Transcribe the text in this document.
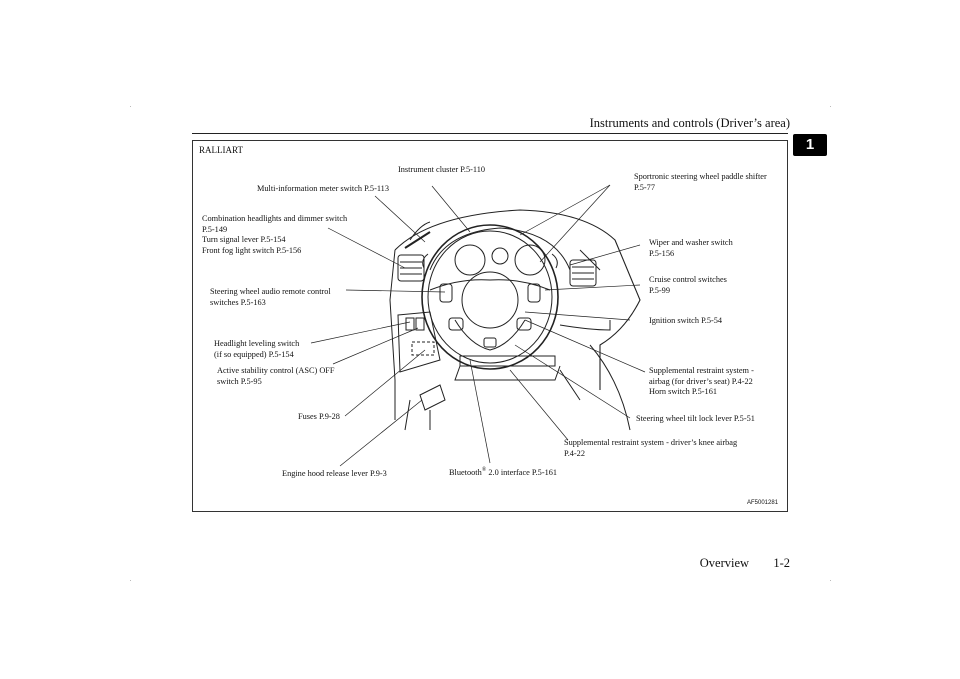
Instruments and controls (Driver’s area)
1
RALLIART
Instrument cluster P.5-110
Multi-information meter switch P.5-113
Sportronic steering wheel paddle shifter
P.5-77
Combination headlights and dimmer switch
P.5-149
Turn signal lever P.5-154
Front fog light switch P.5-156
Wiper and washer switch
P.5-156
Cruise control switches
P.5-99
Steering wheel audio remote control
switches P.5-163
Ignition switch P.5-54
Headlight leveling switch
(if so equipped) P.5-154
Active stability control (ASC) OFF
switch P.5-95
Supplemental restraint system -
airbag (for driver’s seat) P.4-22
Horn switch P.5-161
Fuses P.9-28	Steering wheel tilt lock lever P.5-51
Supplemental restraint system - driver’s knee airbag
P.4-22
Engine hood release lever P.9-3	Bluetooth® 2.0 interface P.5-161
AF5001281
Overview 1-2
